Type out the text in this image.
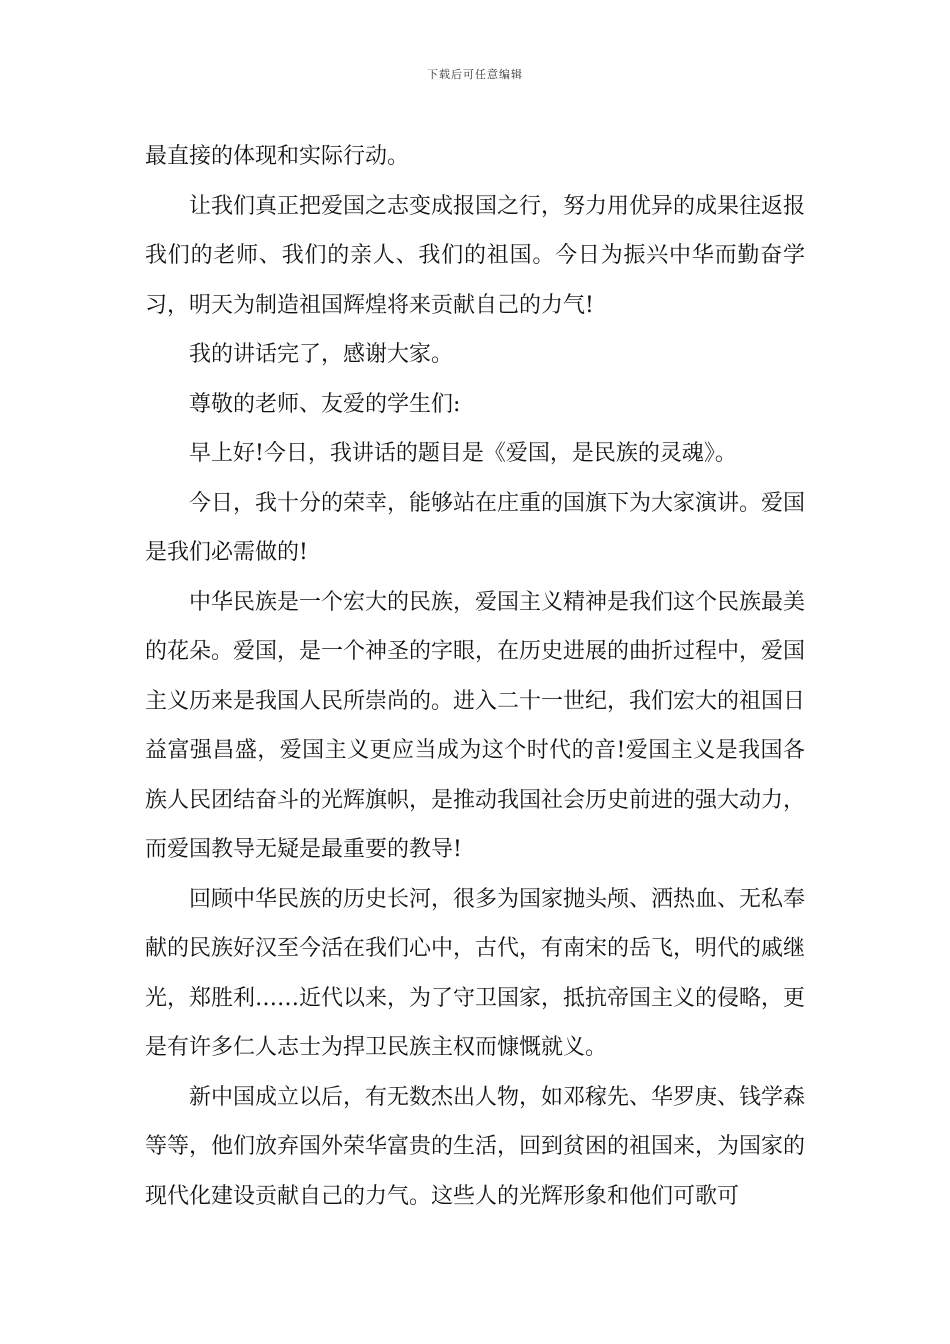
下载后可任意编辑

最直接的体现和实际行动。

让我们真正把爱国之志变成报国之行，努力用优异的成果往返报我们的老师、我们的亲人、我们的祖国。今日为振兴中华而勤奋学习，明天为制造祖国辉煌将来贡献自己的力气!

我的讲话完了，感谢大家。

尊敬的老师、友爱的学生们:

早上好!今日，我讲话的题目是《爱国，是民族的灵魂》。

今日，我十分的荣幸，能够站在庄重的国旗下为大家演讲。爱国是我们必需做的!

中华民族是一个宏大的民族，爱国主义精神是我们这个民族最美的花朵。爱国，是一个神圣的字眼，在历史进展的曲折过程中，爱国主义历来是我国人民所崇尚的。进入二十一世纪，我们宏大的祖国日益富强昌盛，爱国主义更应当成为这个时代的音!爱国主义是我国各族人民团结奋斗的光辉旗帜，是推动我国社会历史前进的强大动力，而爱国教导无疑是最重要的教导!

回顾中华民族的历史长河，很多为国家抛头颅、洒热血、无私奉献的民族好汉至今活在我们心中，古代，有南宋的岳飞，明代的戚继光，郑胜利……近代以来，为了守卫国家，抵抗帝国主义的侵略，更是有许多仁人志士为捍卫民族主权而慷慨就义。

新中国成立以后，有无数杰出人物，如邓稼先、华罗庚、钱学森等等，他们放弃国外荣华富贵的生活，回到贫困的祖国来，为国家的现代化建设贡献自己的力气。这些人的光辉形象和他们可歌可
